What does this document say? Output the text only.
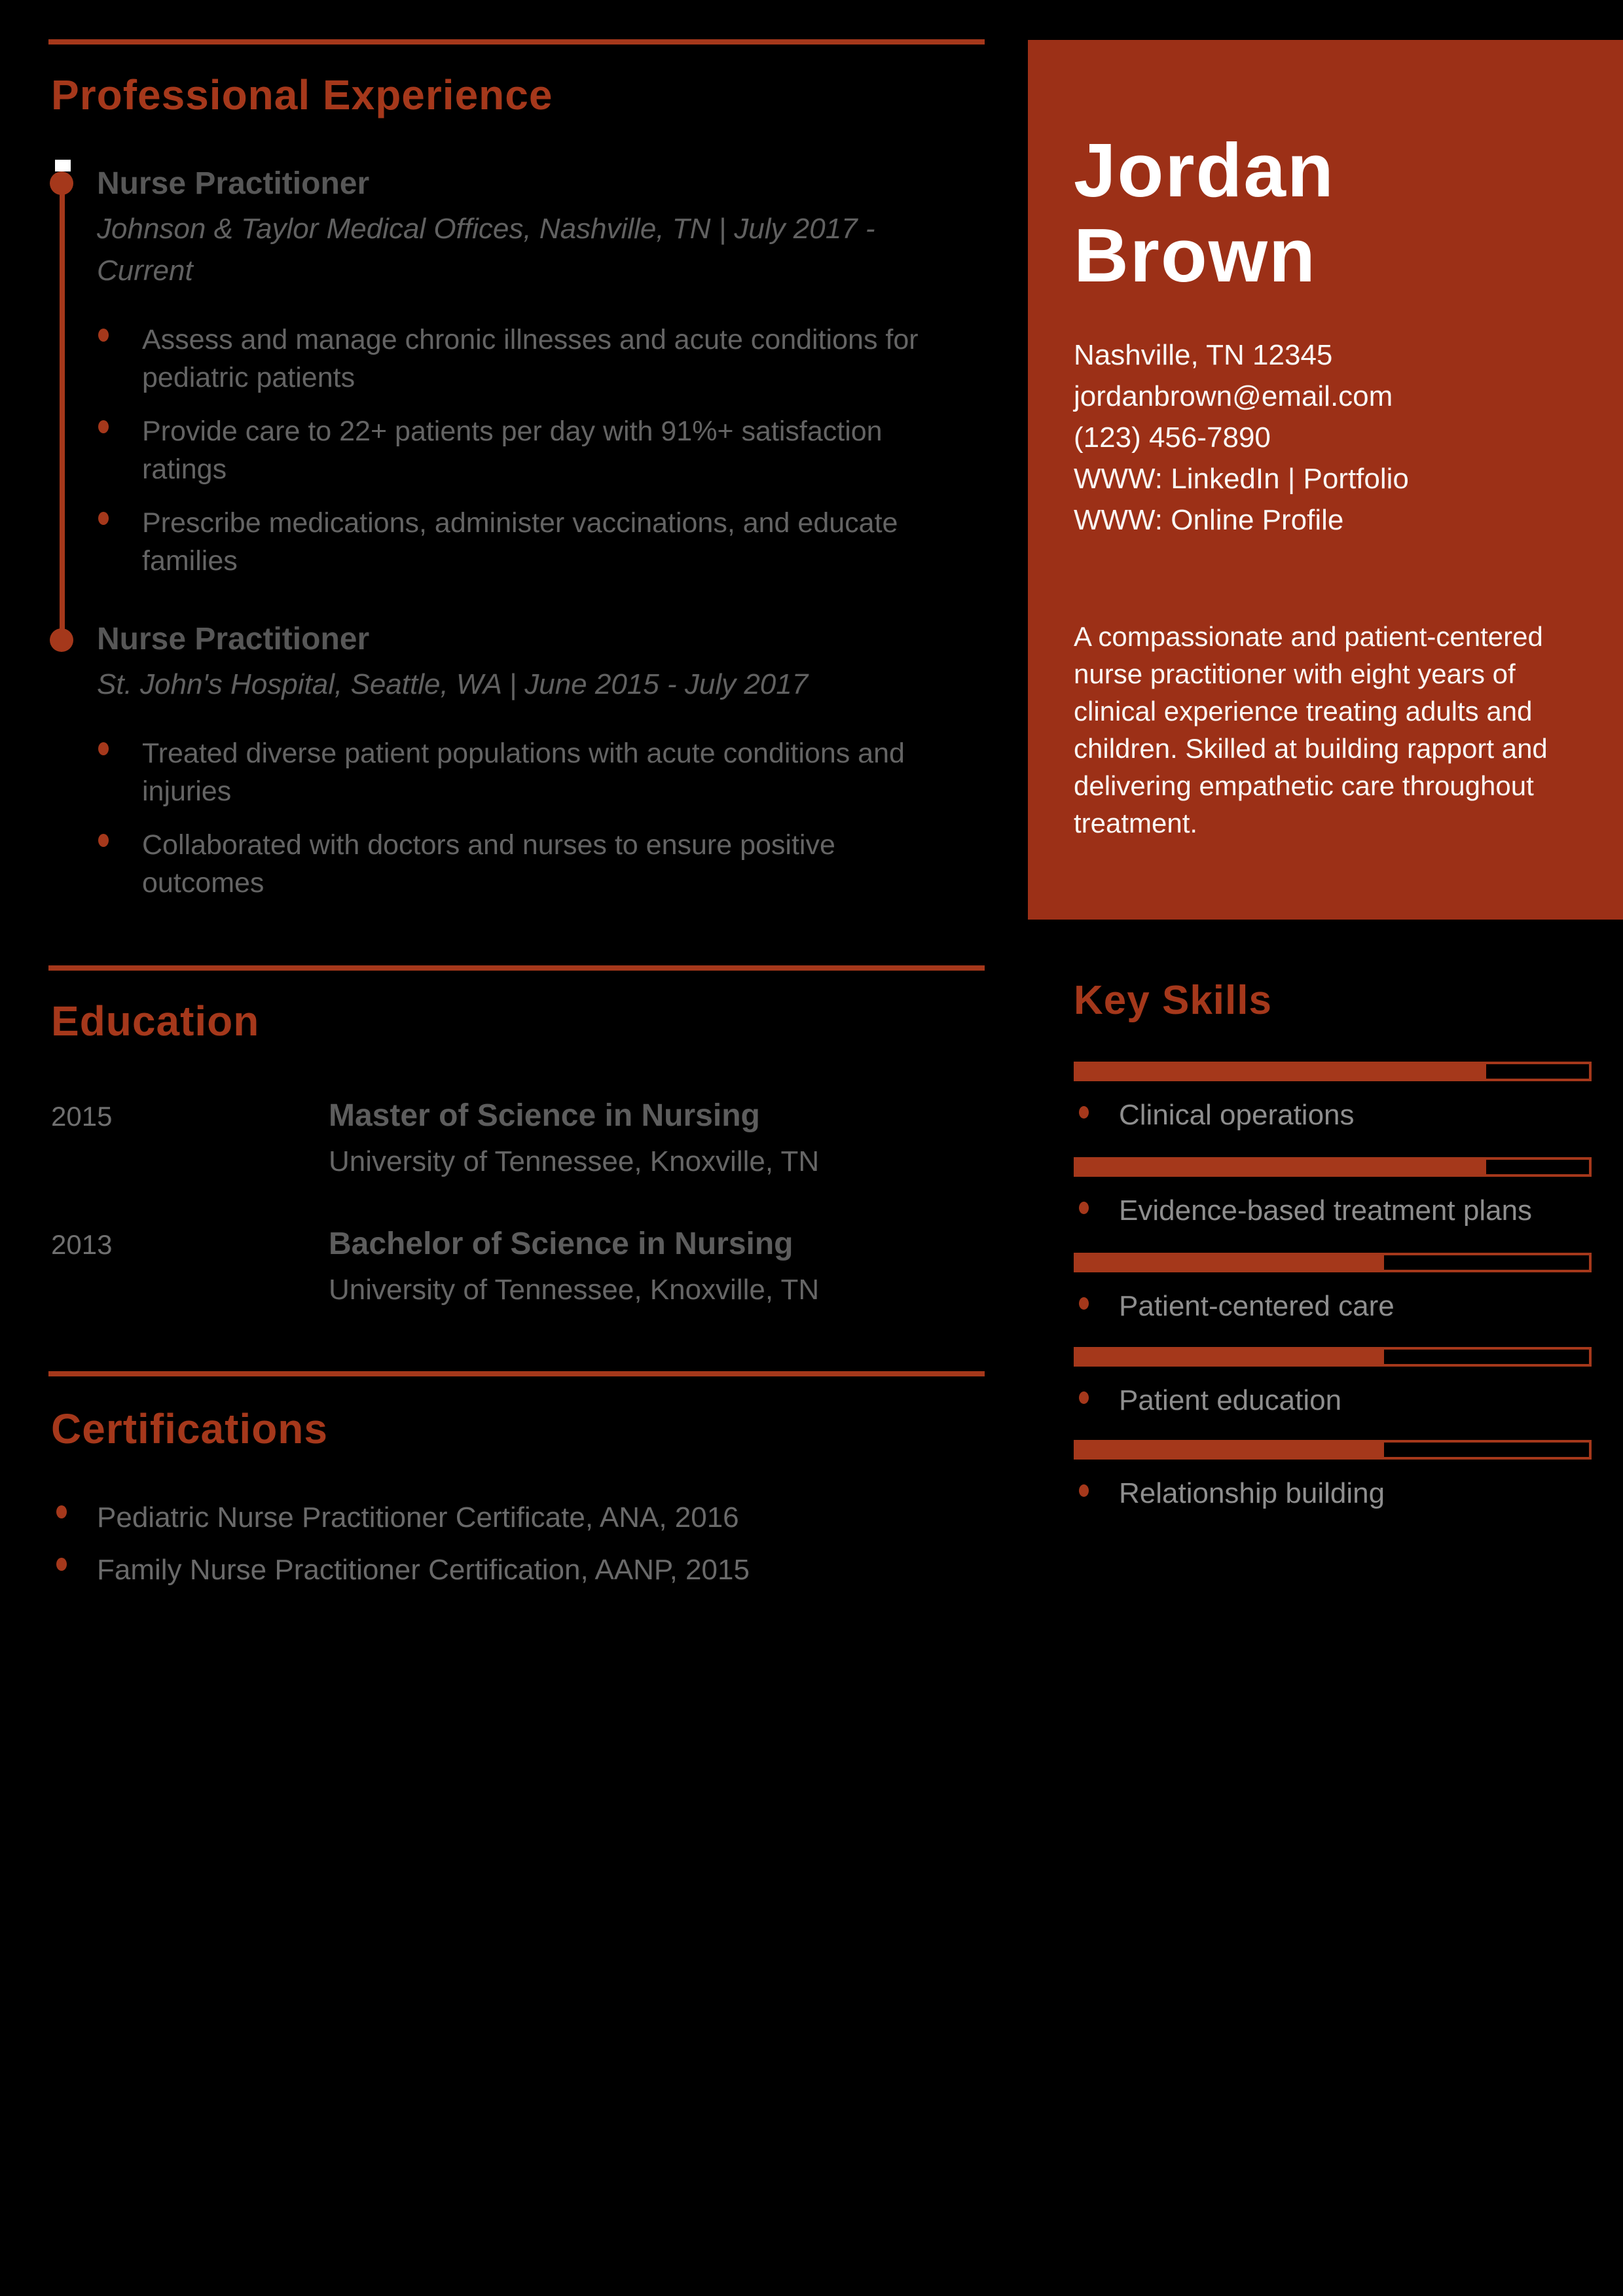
Professional Experience
Nurse Practitioner
Johnson & Taylor Medical Offices, Nashville, TN | July 2017 - Current
Assess and manage chronic illnesses and acute conditions for pediatric patients
Provide care to 22+ patients per day with 91%+ satisfaction ratings
Prescribe medications, administer vaccinations, and educate families
Nurse Practitioner
St. John's Hospital, Seattle, WA | June 2015 - July 2017
Treated diverse patient populations with acute conditions and injuries
Collaborated with doctors and nurses to ensure positive outcomes
Education
2015	Master of Science in Nursing
University of Tennessee, Knoxville, TN
2013	Bachelor of Science in Nursing
University of Tennessee, Knoxville, TN
Certifications
Pediatric Nurse Practitioner Certificate, ANA, 2016
Family Nurse Practitioner Certification, AANP, 2015
Jordan Brown
Nashville, TN 12345
jordanbrown@email.com
(123) 456-7890
WWW: LinkedIn | Portfolio
WWW: Online Profile
A compassionate and patient-centered nurse practitioner with eight years of clinical experience treating adults and children. Skilled at building rapport and delivering empathetic care throughout treatment.
Key Skills
Clinical operations
Evidence-based treatment plans
Patient-centered care
Patient education
Relationship building
